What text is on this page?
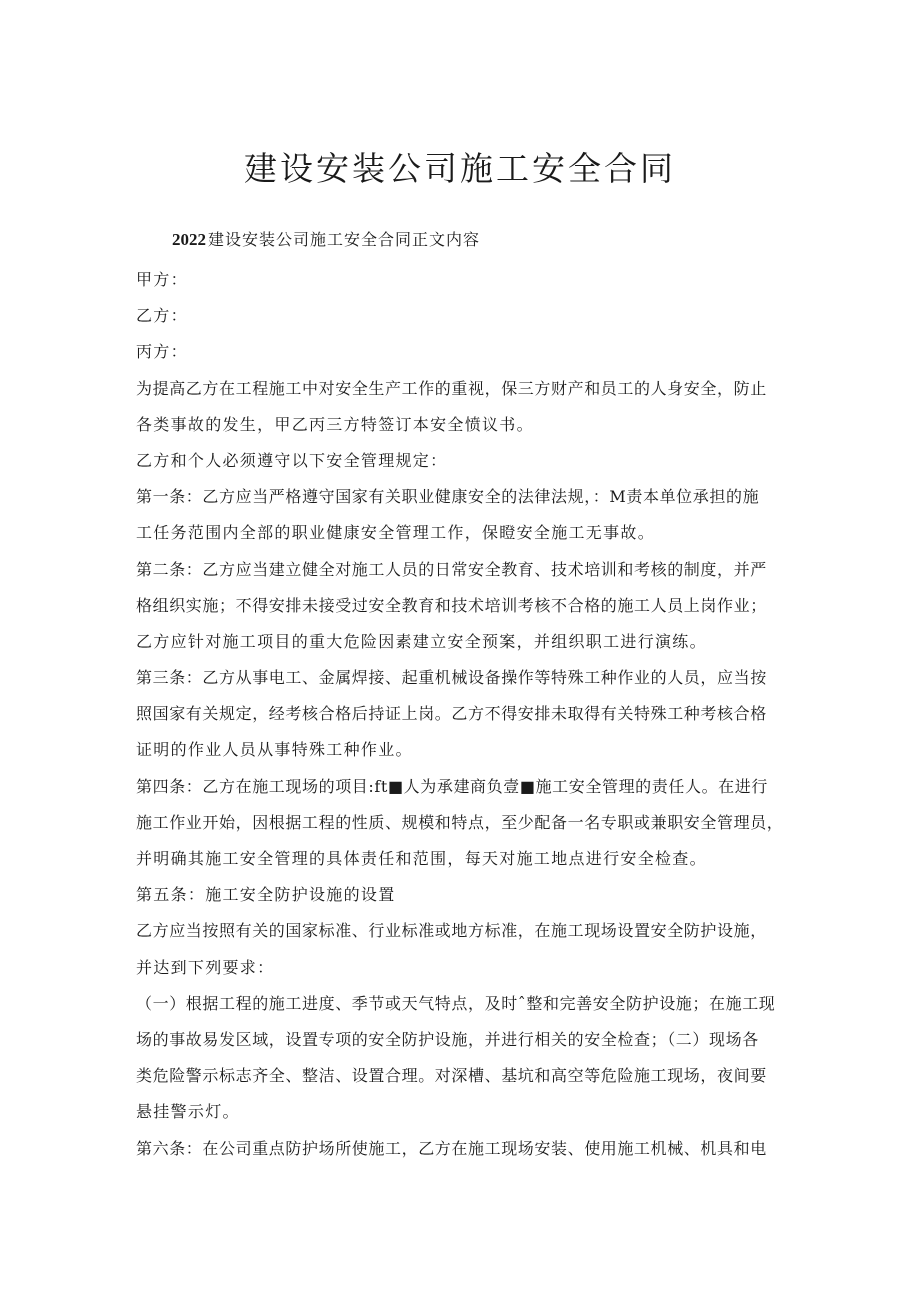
建设安装公司施工安全合同
2022 建设安装公司施工安全合同正文内容
甲方：
乙方：
丙方：
为提高乙方在工程施工中对安全生产工作的重视，保三方财产和员工的人身安全，防止
各类事故的发生，甲乙丙三方特签订本安全愤议书。
乙方和个人必须遵守以下安全管理规定：
第一条：乙方应当严格遵守国家有关职业健康安全的法律法规，：M责本单位承担的施
工任务范围内全部的职业健康安全管理工作，保瞪安全施工无事故。
第二条：乙方应当建立健全对施工人员的日常安全教育、技术培训和考核的制度，并严
格组织实施；不得安排未接受过安全教育和技术培训考核不合格的施工人员上岗作业；
乙方应针对施工项目的重大危险因素建立安全预案，并组织职工进行演练。
第三条：乙方从事电工、金属焊接、起重机械设备操作等特殊工种作业的人员，应当按
照国家有关规定，经考核合格后持证上岗。乙方不得安排未取得有关特殊工种考核合格
证明的作业人员从事特殊工种作业。
第四条：乙方在施工现场的项目:ft■人为承建商负壹■施工安全管理的责任人。在进行
施工作业开始，因根据工程的性质、规模和特点，至少配备一名专职或兼职安全管理员，
并明确其施工安全管理的具体责任和范围，每天对施工地点进行安全检查。
第五条：施工安全防护设施的设置
乙方应当按照有关的国家标准、行业标准或地方标准，在施工现场设置安全防护设施，
并达到下列要求：
（一）根据工程的施工进度、季节或天气特点，及时ˆ整和完善安全防护设施；在施工现
场的事故易发区域，设置专项的安全防护设施，并进行相关的安全检查；（二）现场各
类危险警示标志齐全、整洁、设置合理。对深槽、基坑和高空等危险施工现场，夜间要
悬挂警示灯。
第六条：在公司重点防护场所使施工，乙方在施工现场安装、使用施工机械、机具和电
